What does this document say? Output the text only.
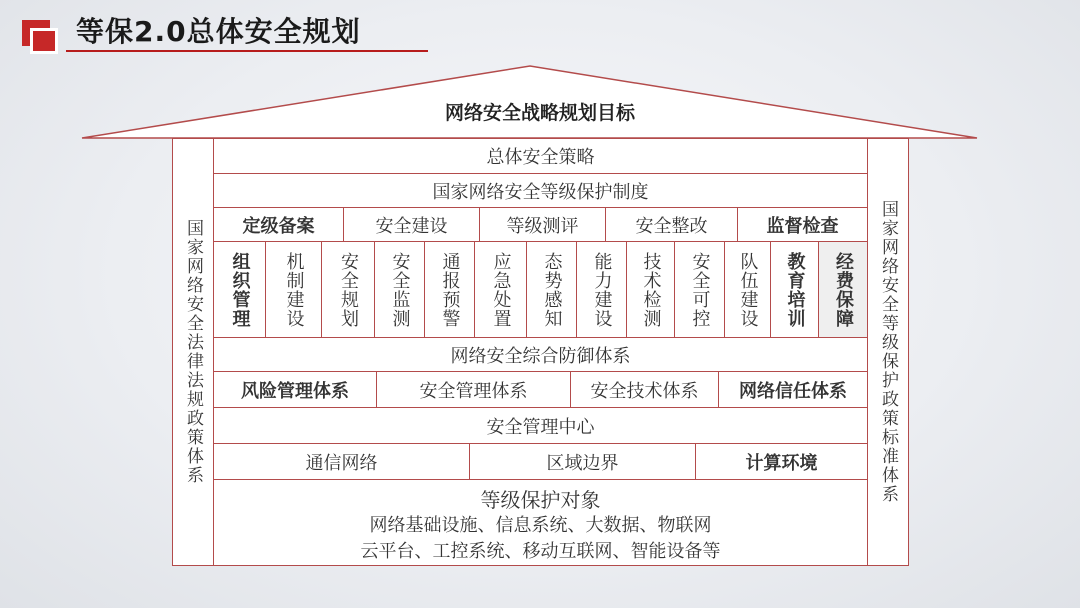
等保2.0总体安全规划
网络安全战略规划目标
国家网络安全法律法规政策体系	国家网络安全等级保护政策标准体系
总体安全策略
国家网络安全等级保护制度
定级备案	安全建设	等级测评	安全整改	监督检查
组织管理 机制建设 安全规划 安全监测 通报预警 应急处置 态势感知 能力建设 技术检测 安全可控 队伍建设 教育培训 经费保障
网络安全综合防御体系
风险管理体系	安全管理体系	安全技术体系	网络信任体系
安全管理中心
通信网络	区域边界	计算环境
等级保护对象
网络基础设施、信息系统、大数据、物联网
云平台、工控系统、移动互联网、智能设备等
